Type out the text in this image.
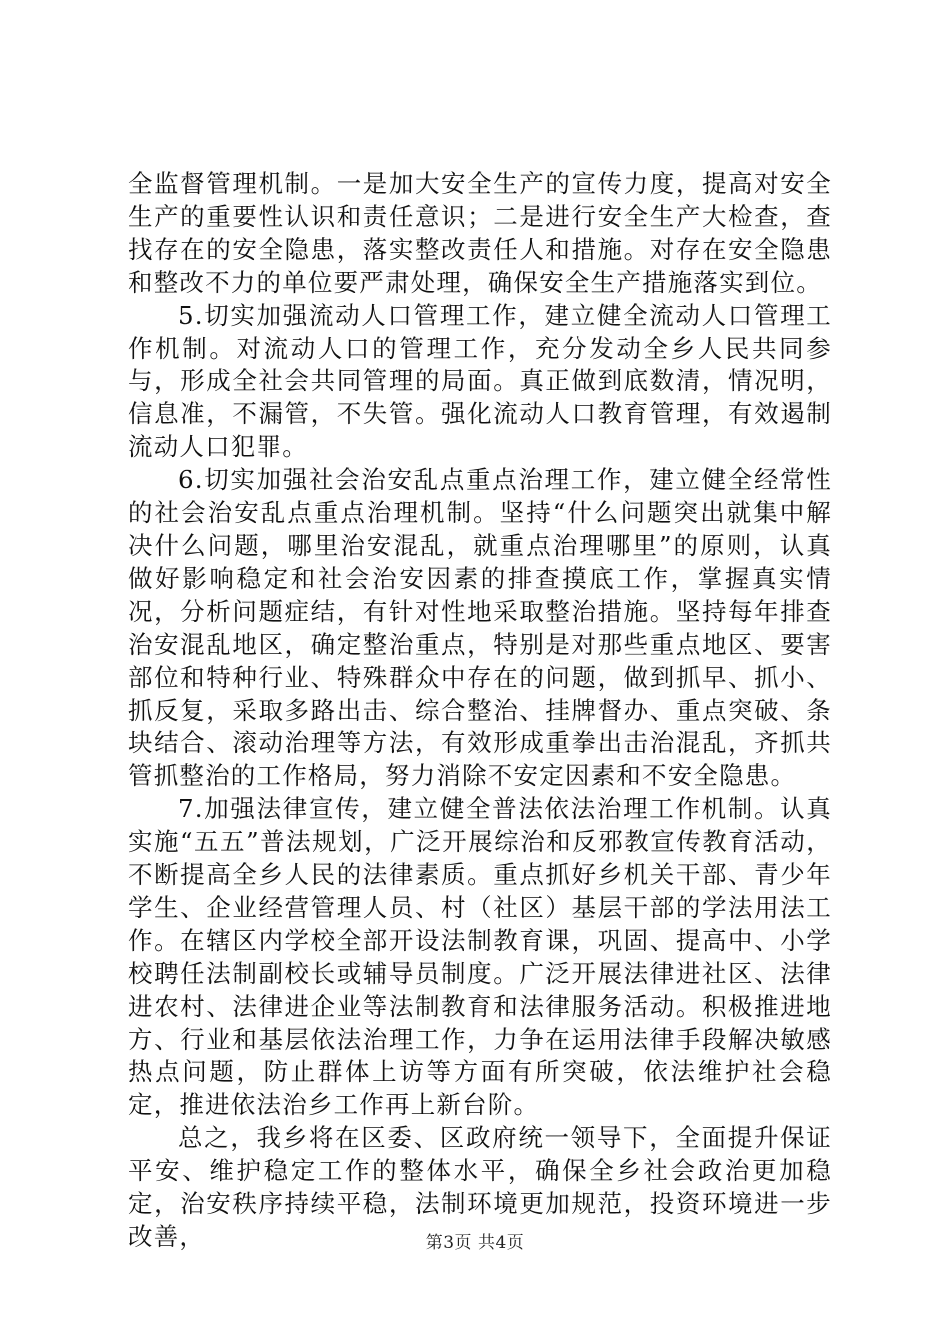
全监督管理机制。一是加大安全生产的宣传力度，提高对安全生产的重要性认识和责任意识；二是进行安全生产大检查，查找存在的安全隐患，落实整改责任人和措施。对存在安全隐患和整改不力的单位要严肃处理，确保安全生产措施落实到位。

5.切实加强流动人口管理工作，建立健全流动人口管理工作机制。对流动人口的管理工作，充分发动全乡人民共同参与，形成全社会共同管理的局面。真正做到底数清，情况明，信息准，不漏管，不失管。强化流动人口教育管理，有效遏制流动人口犯罪。

6.切实加强社会治安乱点重点治理工作，建立健全经常性的社会治安乱点重点治理机制。坚持“什么问题突出就集中解决什么问题，哪里治安混乱，就重点治理哪里”的原则，认真做好影响稳定和社会治安因素的排查摸底工作，掌握真实情况，分析问题症结，有针对性地采取整治措施。坚持每年排查治安混乱地区，确定整治重点，特别是对那些重点地区、要害部位和特种行业、特殊群众中存在的问题，做到抓早、抓小、抓反复，采取多路出击、综合整治、挂牌督办、重点突破、条块结合、滚动治理等方法，有效形成重拳出击治混乱，齐抓共管抓整治的工作格局，努力消除不安定因素和不安全隐患。

7.加强法律宣传，建立健全普法依法治理工作机制。认真实施“五五”普法规划，广泛开展综治和反邪教宣传教育活动，不断提高全乡人民的法律素质。重点抓好乡机关干部、青少年学生、企业经营管理人员、村（社区）基层干部的学法用法工作。在辖区内学校全部开设法制教育课，巩固、提高中、小学校聘任法制副校长或辅导员制度。广泛开展法律进社区、法律进农村、法律进企业等法制教育和法律服务活动。积极推进地方、行业和基层依法治理工作，力争在运用法律手段解决敏感热点问题，防止群体上访等方面有所突破，依法维护社会稳定，推进依法治乡工作再上新台阶。

总之，我乡将在区委、区政府统一领导下，全面提升保证平安、维护稳定工作的整体水平，确保全乡社会政治更加稳定，治安秩序持续平稳，法制环境更加规范，投资环境进一步改善，	第3页 共4页
